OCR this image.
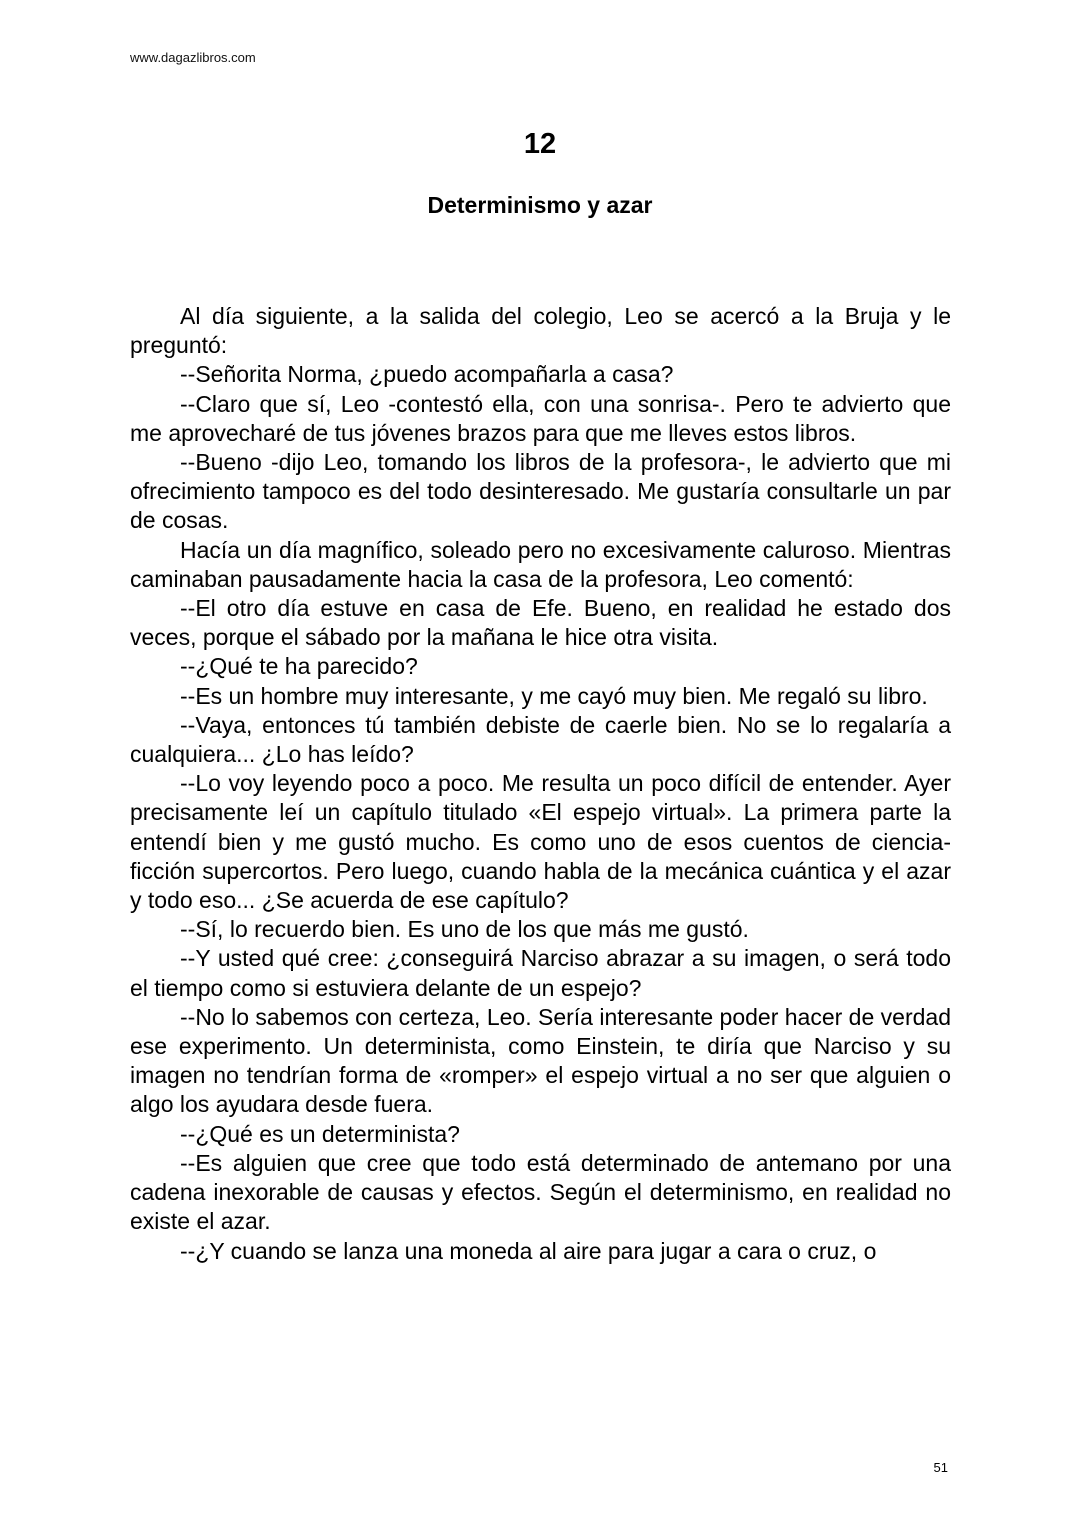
www.dagazlibros.com
12
Determinismo y azar

Al día siguiente, a la salida del colegio, Leo se acercó a la Bruja y le preguntó:

--Señorita Norma, ¿puedo acompañarla a casa?

--Claro que sí, Leo -contestó ella, con una sonrisa-. Pero te advierto que me aprovecharé de tus jóvenes brazos para que me lleves estos libros.

--Bueno -dijo Leo, tomando los libros de la profesora-, le advierto que mi ofrecimiento tampoco es del todo desinteresado. Me gustaría consultarle un par de cosas.

Hacía un día magnífico, soleado pero no excesivamente caluroso. Mientras caminaban pausadamente hacia la casa de la profesora, Leo comentó:

--El otro día estuve en casa de Efe. Bueno, en realidad he estado dos veces, porque el sábado por la mañana le hice otra visita.

--¿Qué te ha parecido?

--Es un hombre muy interesante, y me cayó muy bien. Me regaló su libro.

--Vaya, entonces tú también debiste de caerle bien. No se lo regalaría a cualquiera... ¿Lo has leído?

--Lo voy leyendo poco a poco. Me resulta un poco difícil de entender. Ayer precisamente leí un capítulo titulado «El espejo virtual». La primera parte la entendí bien y me gustó mucho. Es como uno de esos cuentos de ciencia-ficción supercortos. Pero luego, cuando habla de la mecánica cuántica y el azar y todo eso... ¿Se acuerda de ese capítulo?

--Sí, lo recuerdo bien. Es uno de los que más me gustó.

--Y usted qué cree: ¿conseguirá Narciso abrazar a su imagen, o será todo el tiempo como si estuviera delante de un espejo?

--No lo sabemos con certeza, Leo. Sería interesante poder hacer de verdad ese experimento. Un determinista, como Einstein, te diría que Narciso y su imagen no tendrían forma de «romper» el espejo virtual a no ser que alguien o algo los ayudara desde fuera.

--¿Qué es un determinista?

--Es alguien que cree que todo está determinado de antemano por una cadena inexorable de causas y efectos. Según el determinismo, en realidad no existe el azar.

--¿Y cuando se lanza una moneda al aire para jugar a cara o cruz, o

51
